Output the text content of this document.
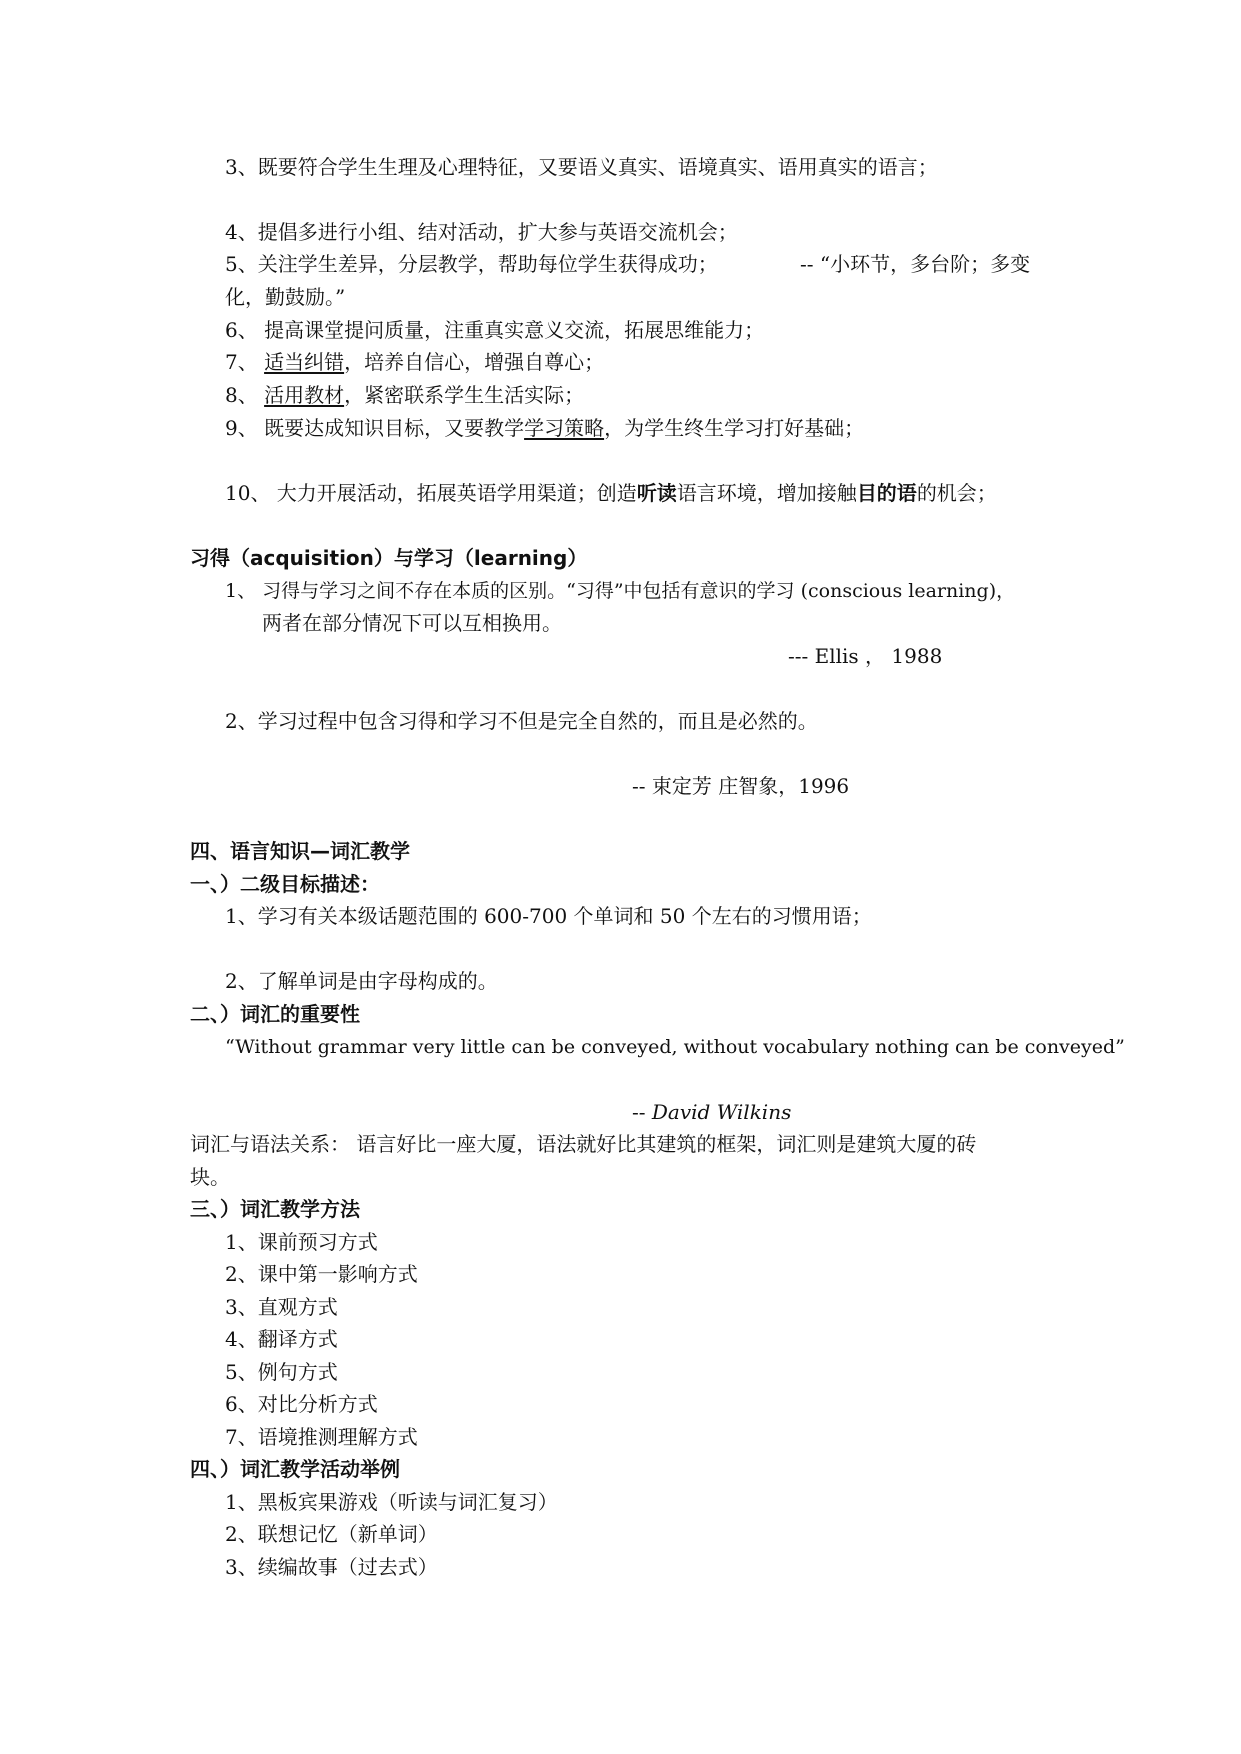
3、既要符合学生生理及心理特征，又要语义真实、语境真实、语用真实的语言；
4、提倡多进行小组、结对活动，扩大参与英语交流机会；
5、关注学生差异，分层教学，帮助每位学生获得成功；	-- “小环节，多台阶；多变
化，勤鼓励。”
6、 提高课堂提问质量，注重真实意义交流，拓展思维能力；
7、 适当纠错，培养自信心，增强自尊心；
8、 活用教材，紧密联系学生生活实际；
9、 既要达成知识目标，又要教学学习策略，为学生终生学习打好基础；
10、 大力开展活动，拓展英语学用渠道；创造听读语言环境，增加接触目的语的机会；
习得（acquisition）与学习（learning）
1、 习得与学习之间不存在本质的区别。“习得”中包括有意识的学习 (conscious learning)，
两者在部分情况下可以互相换用。
--- Ellis ， 1988
2、学习过程中包含习得和学习不但是完全自然的，而且是必然的。
-- 束定芳 庄智象，1996
四、语言知识—词汇教学
一、）二级目标描述：
1、学习有关本级话题范围的 600-700 个单词和 50 个左右的习惯用语；
2、了解单词是由字母构成的。
二、）词汇的重要性
“Without grammar very little can be conveyed, without vocabulary nothing can be conveyed”
-- David Wilkins
词汇与语法关系： 语言好比一座大厦，语法就好比其建筑的框架，词汇则是建筑大厦的砖
块。
三、）词汇教学方法
1、课前预习方式
2、课中第一影响方式
3、直观方式
4、翻译方式
5、例句方式
6、对比分析方式
7、语境推测理解方式
四、）词汇教学活动举例
1、黑板宾果游戏（听读与词汇复习）
2、联想记忆（新单词）
3、续编故事（过去式）
